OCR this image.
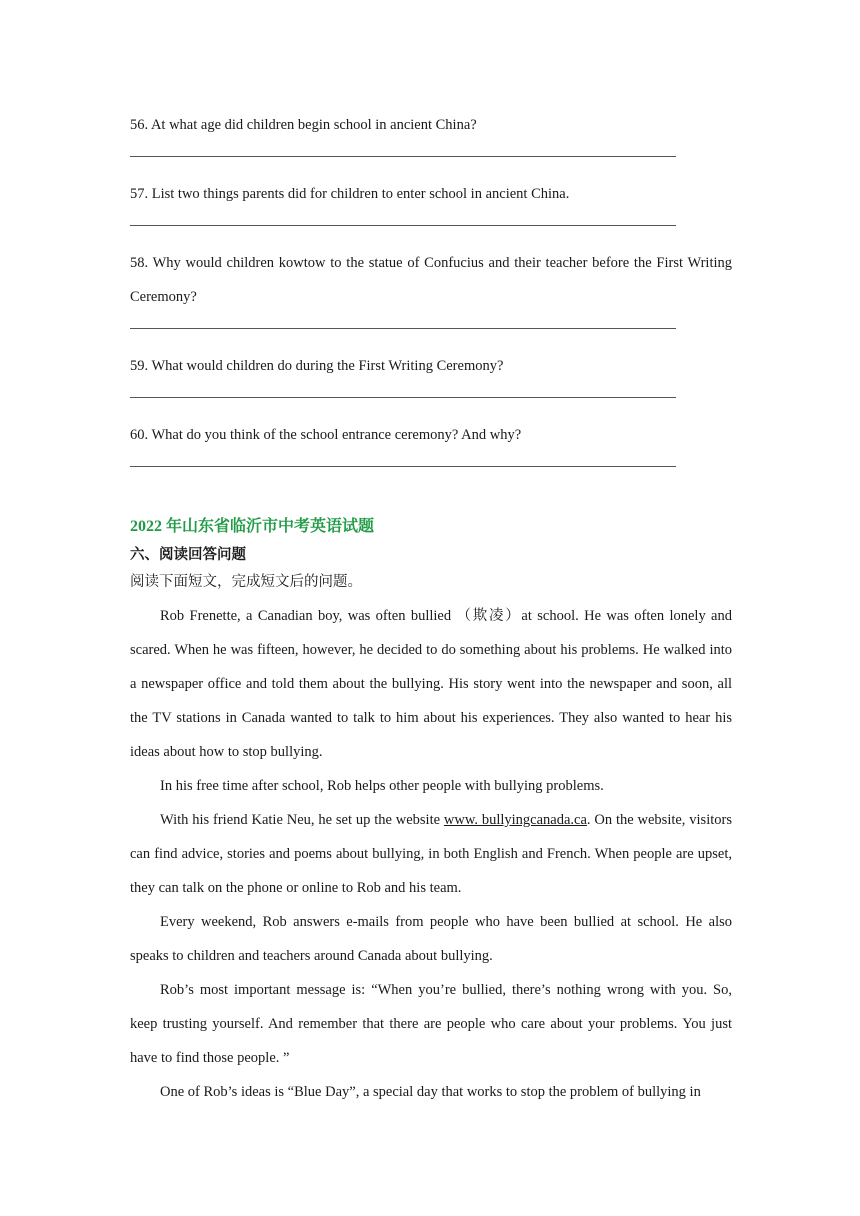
56. At what age did children begin school in ancient China?

57. List two things parents did for children to enter school in ancient China.

58. Why would children kowtow to the statue of Confucius and their teacher before the First Writing Ceremony?

59. What would children do during the First Writing Ceremony?

60. What do you think of the school entrance ceremony? And why?

2022 年山东省临沂市中考英语试题
六、阅读回答问题
阅读下面短文，完成短文后的问题。

Rob Frenette, a Canadian boy, was often bullied （欺凌）at school. He was often lonely and scared. When he was fifteen, however, he decided to do something about his problems. He walked into a newspaper office and told them about the bullying. His story went into the newspaper and soon, all the TV stations in Canada wanted to talk to him about his experiences. They also wanted to hear his ideas about how to stop bullying.

In his free time after school, Rob helps other people with bullying problems.

With his friend Katie Neu, he set up the website www. bullyingcanada.ca. On the website, visitors can find advice, stories and poems about bullying, in both English and French. When people are upset, they can talk on the phone or online to Rob and his team.

Every weekend, Rob answers e-mails from people who have been bullied at school. He also speaks to children and teachers around Canada about bullying.

Rob’s most important message is: “When you’re bullied, there’s nothing wrong with you. So, keep trusting yourself. And remember that there are people who care about your problems. You just have to find those people. ”

One of Rob’s ideas is “Blue Day”, a special day that works to stop the problem of bullying in
